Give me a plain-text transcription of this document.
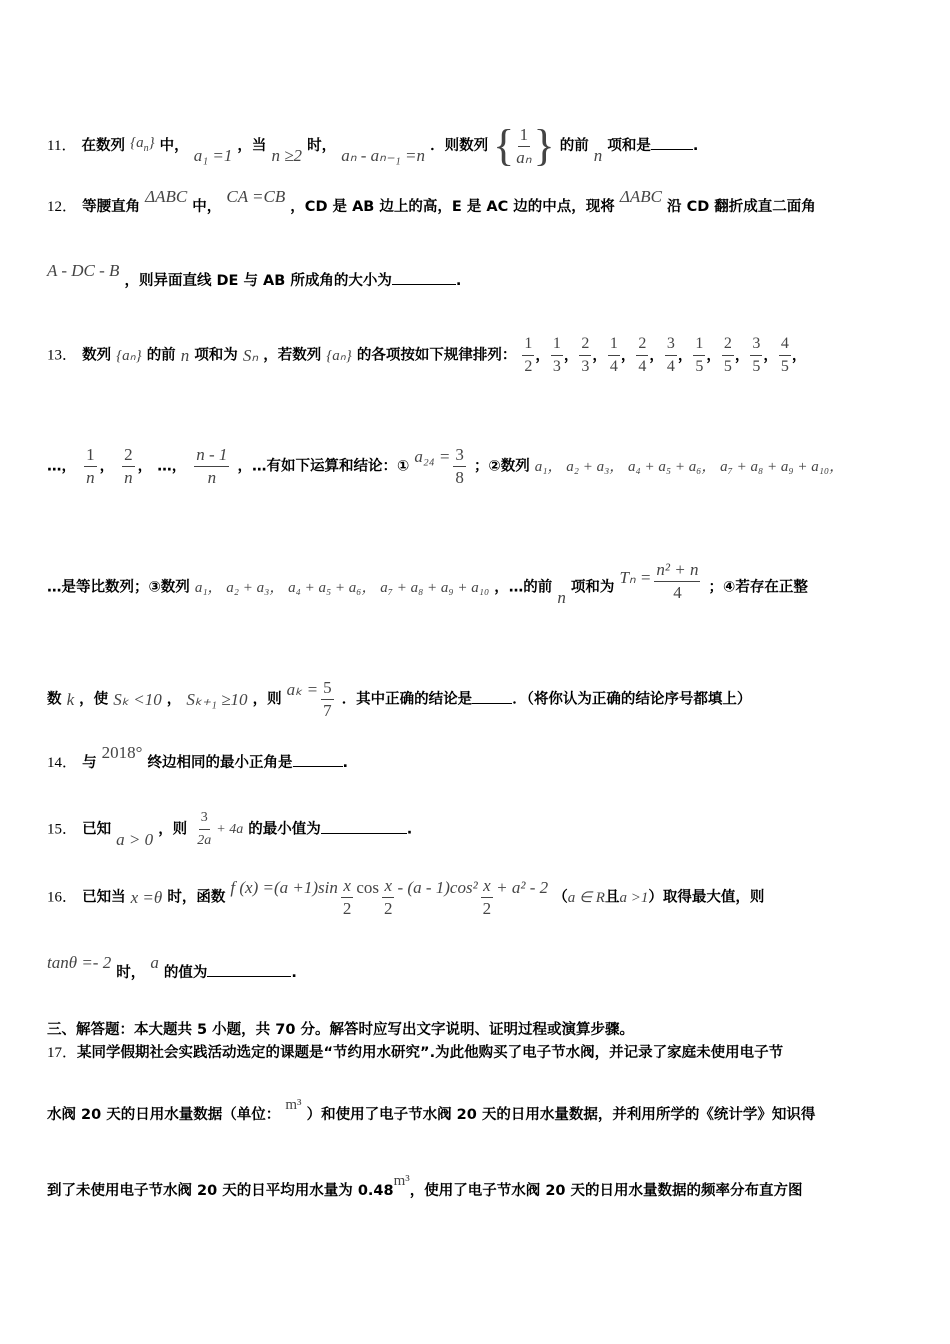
11． 在数列 $\{a_n\}$ 中， a₁ =1 ，当 n ≥2 时， aₙ - aₙ₋₁ =n ．则数列 { $\frac{1}{\text{aₙ}}$ } 的前 n 项和是	.
12． 等腰直角 ΔABC 中， CA =CB ，CD 是 AB 边上的高，E 是 AC 边的中点，现将 ΔABC 沿 CD 翻折成直二面角
A - DC - B ，则异面直线 DE 与 AB 所成角的大小为	.
13． 数列 {aₙ} 的前 n 项和为 Sₙ ，若数列 {aₙ} 的各项按如下规律排列： $\frac{1}{2}$ ， $\frac{1}{3}$ ， $\frac{2}{3}$ ， $\frac{1}{4}$ ， $\frac{2}{4}$ ， $\frac{3}{4}$ ， $\frac{1}{5}$ ， $\frac{2}{5}$ ， $\frac{3}{5}$ ， $\frac{4}{5}$ ，
…， $\frac{1}{n}$ ， $\frac{2}{n}$ ， …， $\frac{n - 1}{n}$ ，…有如下运算和结论：① $a_{24} = \frac{3}{8}$ ；②数列 a₁， a₂ + a₃， a₄ + a₅ + a₆， a₇ + a₈ + a₉ + a₁₀，
…是等比数列；③数列 a₁， a₂ + a₃， a₄ + a₅ + a₆， a₇ + a₈ + a₉ + a₁₀ ，…的前 n 项和为 $T_n = \frac{\text{n² + n}}{4}$ ；④若存在正整
数 k ，使 Sₖ <10 ， Sₖ₊₁ ≥10 ，则 $a_k = \frac{5}{7}$ ．其中正确的结论是	．（将你认为正确的结论序号都填上）
14． 与 2018° 终边相同的最小正角是	.
15． 已知 a > 0 ，则 $\frac{3}{2a} + 4a$ 的最小值为	.
16． 已知当 x =θ 时，函数 f $(x) =(a +1)\sin \frac{x}{2}$ $\cos \frac{x}{2} - (a - 1)\cos^2 \frac{x}{2} + a^2 - 2$ （a ∈ R且a >1）取得最大值，则
tanθ =- 2 时， a 的值为	.
三、解答题：本大题共 5 小题，共 70 分。解答时应写出文字说明、证明过程或演算步骤。
17．某同学假期社会实践活动选定的课题是“节约用水研究”.为此他购买了电子节水阀，并记录了家庭未使用电子节
水阀 20 天的日用水量数据（单位： m³ ）和使用了电子节水阀 20 天的日用水量数据，并利用所学的《统计学》知识得
到了未使用电子节水阀 20 天的日平均用水量为 0.48m³，使用了电子节水阀 20 天的日用水量数据的频率分布直方图
